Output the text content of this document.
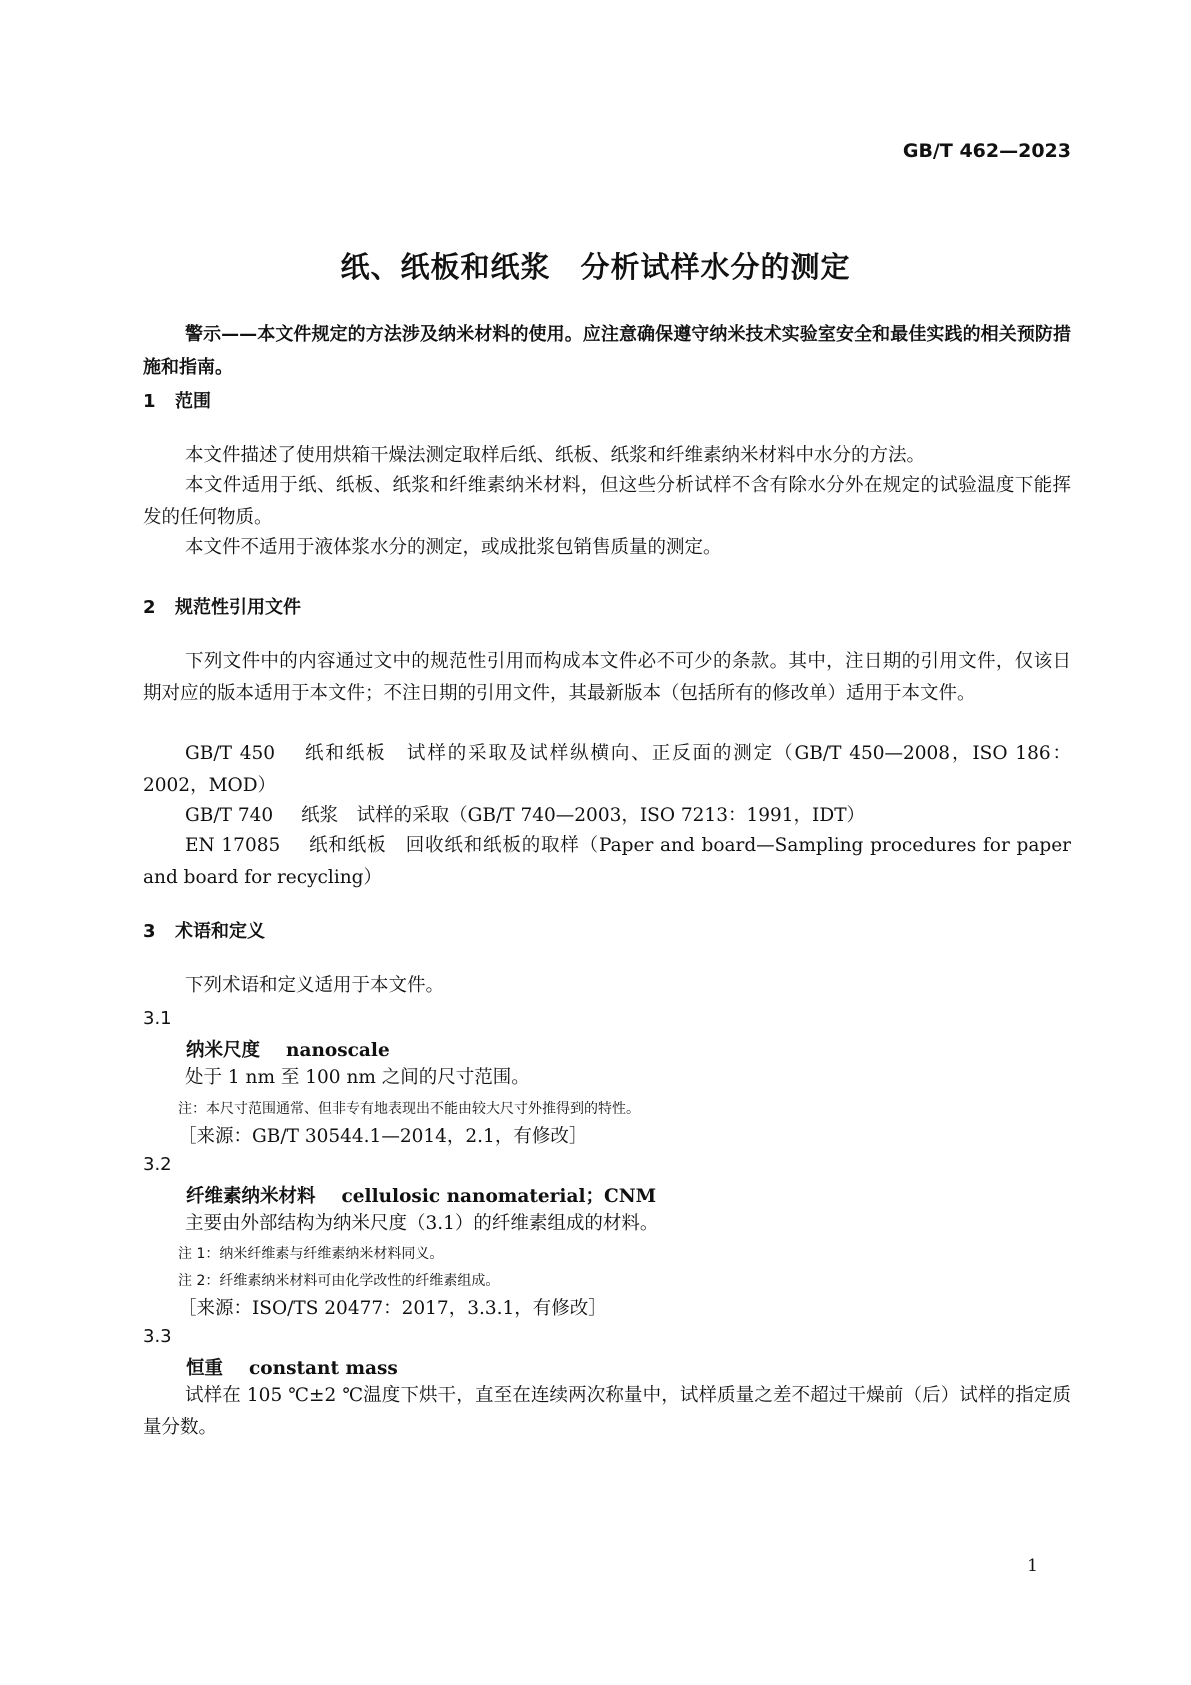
GB/T 462—2023
纸、纸板和纸浆　分析试样水分的测定
警示——本文件规定的方法涉及纳米材料的使用。应注意确保遵守纳米技术实验室安全和最佳实践的相关预防措施和指南。
1 范围
本文件描述了使用烘箱干燥法测定取样后纸、纸板、纸浆和纤维素纳米材料中水分的方法。
本文件适用于纸、纸板、纸浆和纤维素纳米材料，但这些分析试样不含有除水分外在规定的试验温度下能挥发的任何物质。
本文件不适用于液体浆水分的测定，或成批浆包销售质量的测定。
2 规范性引用文件
下列文件中的内容通过文中的规范性引用而构成本文件必不可少的条款。其中，注日期的引用文件，仅该日期对应的版本适用于本文件；不注日期的引用文件，其最新版本（包括所有的修改单）适用于本文件。
GB/T 450 纸和纸板　试样的采取及试样纵横向、正反面的测定（GB/T 450—2008，ISO 186：2002，MOD）
GB/T 740 纸浆　试样的采取（GB/T 740—2003，ISO 7213：1991，IDT）
EN 17085 纸和纸板　回收纸和纸板的取样（Paper and board—Sampling procedures for paper and board for recycling）
3 术语和定义
下列术语和定义适用于本文件。
3.1
纳米尺度 nanoscale
处于 1 nm 至 100 nm 之间的尺寸范围。
注：本尺寸范围通常、但非专有地表现出不能由较大尺寸外推得到的特性。
［来源：GB/T 30544.1—2014，2.1，有修改］
3.2
纤维素纳米材料 cellulosic nanomaterial；CNM
主要由外部结构为纳米尺度（3.1）的纤维素组成的材料。
注 1：纳米纤维素与纤维素纳米材料同义。
注 2：纤维素纳米材料可由化学改性的纤维素组成。
［来源：ISO/TS 20477：2017，3.3.1，有修改］
3.3
恒重 constant mass
试样在 105 ℃±2 ℃温度下烘干，直至在连续两次称量中，试样质量之差不超过干燥前（后）试样的指定质量分数。
1
